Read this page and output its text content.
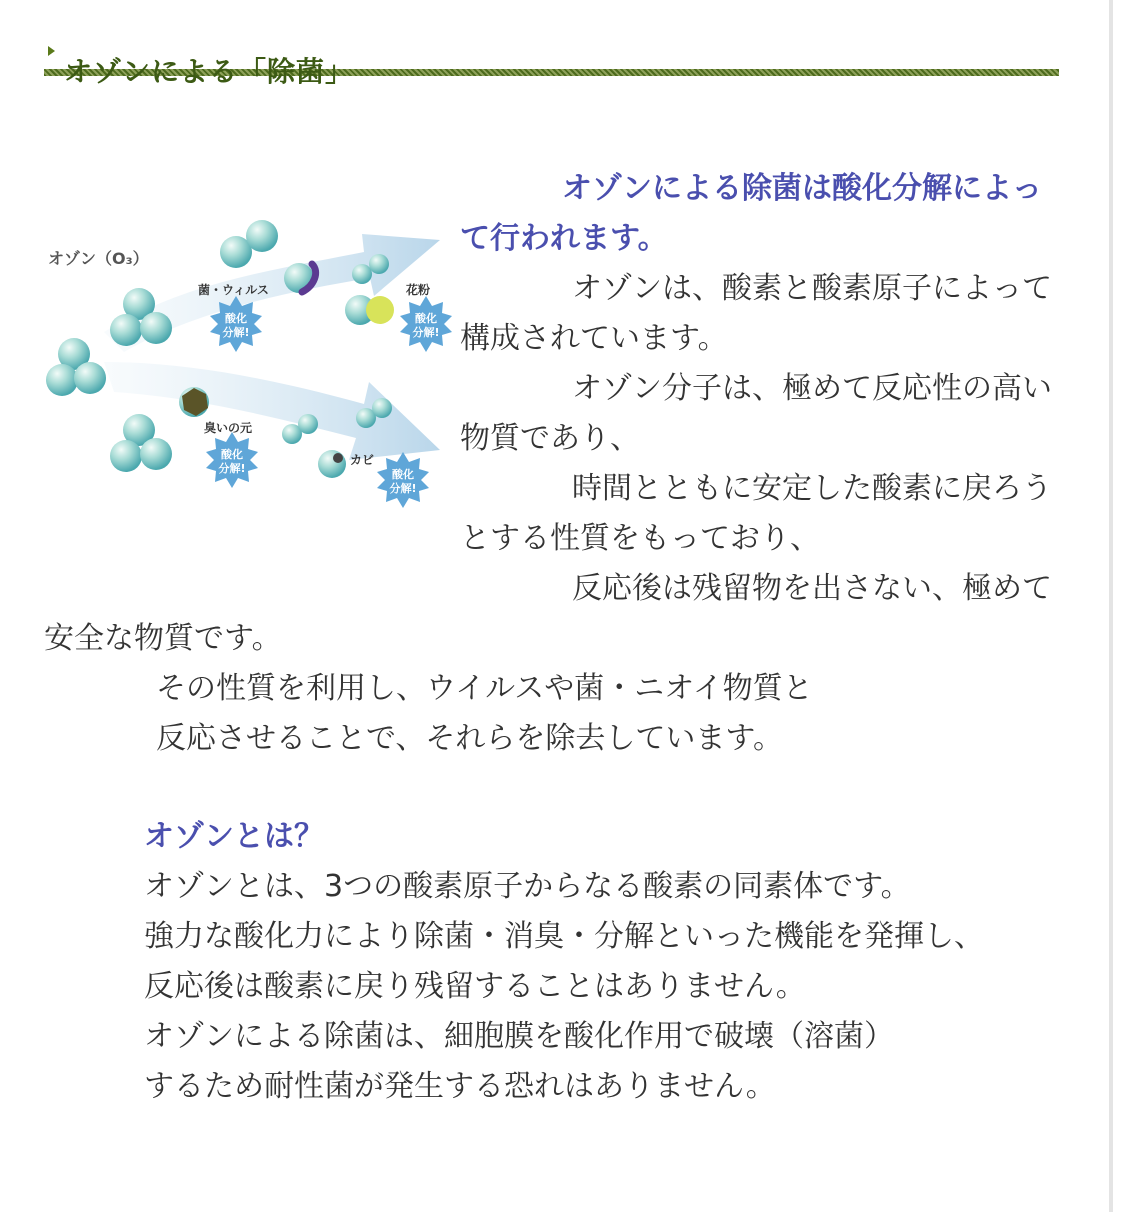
オゾンによる「除菌」
酸化
分解!
酸化
分解!
酸化
分解!	酸化
分解!
オゾン（O₃）
菌・ウィルス	花粉
臭いの元
カビ
オゾンによる除菌は酸化分解によっ
て行われます。
オゾンは、酸素と酸素原子によって
構成されています。
オゾン分子は、極めて反応性の高い
物質であり、
時間とともに安定した酸素に戻ろう
とする性質をもっており、
反応後は残留物を出さない、極めて
安全な物質です。
その性質を利用し、ウイルスや菌・ニオイ物質と
反応させることで、それらを除去しています。
オゾンとは？
オゾンとは、3つの酸素原子からなる酸素の同素体です。
強力な酸化力により除菌・消臭・分解といった機能を発揮し、
反応後は酸素に戻り残留することはありません。
オゾンによる除菌は、細胞膜を酸化作用で破壊（溶菌）
するため耐性菌が発生する恐れはありません。
